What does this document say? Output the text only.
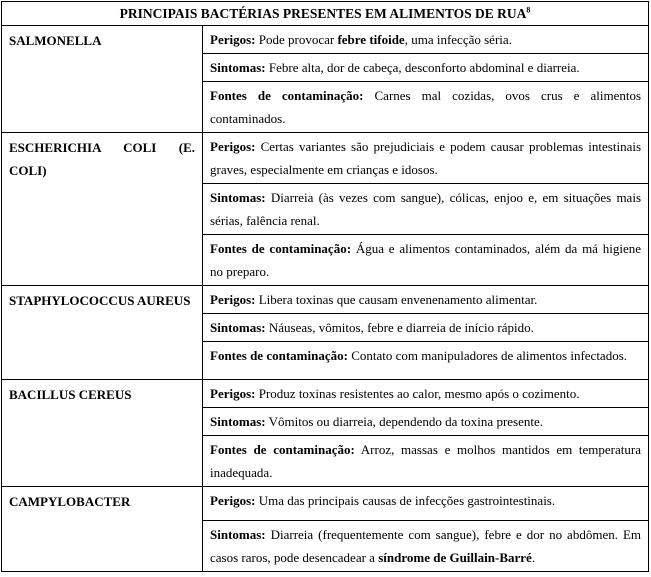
PRINCIPAIS BACTÉRIAS PRESENTES EM ALIMENTOS DE RUA$^8$
SALMONELLA	Perigos: Pode provocar febre tifoide, uma infecção séria.
	Sintomas: Febre alta, dor de cabeça, desconforto abdominal e diarreia.
	Fontes de contaminação: Carnes mal cozidas, ovos crus e alimentos contaminados.
ESCHERICHIA COLI (E. COLI)	Perigos: Certas variantes são prejudiciais e podem causar problemas intestinais graves, especialmente em crianças e idosos.
	Sintomas: Diarreia (às vezes com sangue), cólicas, enjoo e, em situações mais sérias, falência renal.
	Fontes de contaminação: Água e alimentos contaminados, além da má higiene no preparo.
STAPHYLOCOCCUS AUREUS	Perigos: Libera toxinas que causam envenenamento alimentar.
	Sintomas: Náuseas, vômitos, febre e diarreia de início rápido.
	Fontes de contaminação: Contato com manipuladores de alimentos infectados.
BACILLUS CEREUS	Perigos: Produz toxinas resistentes ao calor, mesmo após o cozimento.
	Sintomas: Vômitos ou diarreia, dependendo da toxina presente.
	Fontes de contaminação: Arroz, massas e molhos mantidos em temperatura inadequada.
CAMPYLOBACTER	Perigos: Uma das principais causas de infecções gastrointestinais.
	Sintomas: Diarreia (frequentemente com sangue), febre e dor no abdômen. Em casos raros, pode desencadear a síndrome de Guillain-Barré.
